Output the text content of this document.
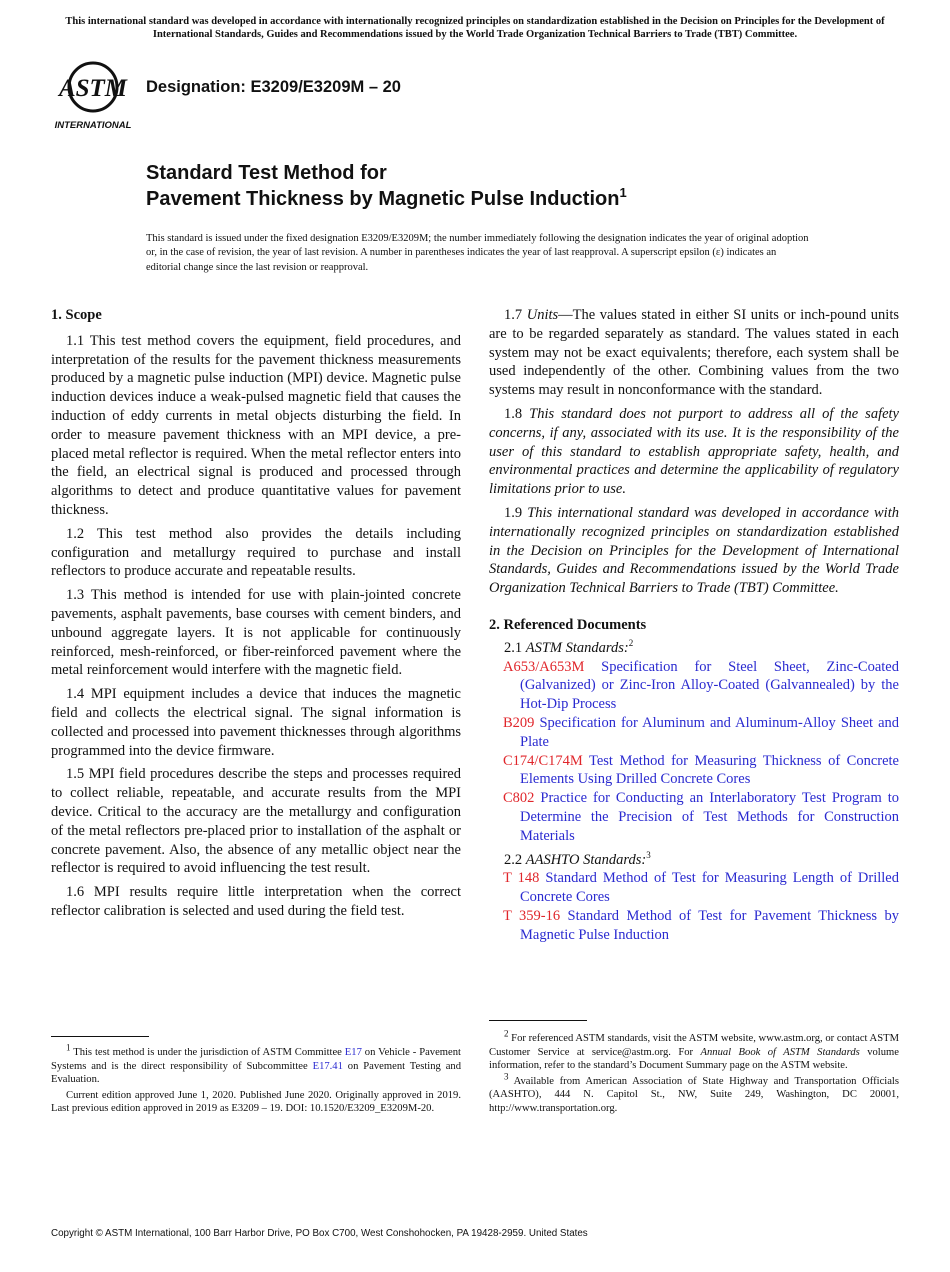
This international standard was developed in accordance with internationally recognized principles on standardization established in the Decision on Principles for the Development of International Standards, Guides and Recommendations issued by the World Trade Organization Technical Barriers to Trade (TBT) Committee.
ASTM
INTERNATIONAL
Designation: E3209/E3209M – 20
Standard Test Method for
Pavement Thickness by Magnetic Pulse Induction$^1$
This standard is issued under the fixed designation E3209/E3209M; the number immediately following the designation indicates the year of original adoption or, in the case of revision, the year of last revision. A number in parentheses indicates the year of last reapproval. A superscript epsilon (ε) indicates an editorial change since the last revision or reapproval.

1. Scope

1.1 This test method covers the equipment, field procedures, and interpretation of the results for the pavement thickness measurements produced by a magnetic pulse induction (MPI) device. Magnetic pulse induction devices induce a weak-pulsed magnetic field that causes the induction of eddy currents in metal objects disturbing the field. In order to measure pavement thickness with an MPI device, a pre-placed metal reflector is required. When the metal reflector enters into the field, an electrical signal is produced and processed through algorithms to detect and produce quantitative values for pavement thickness.

1.2 This test method also provides the details including configuration and metallurgy required to purchase and install reflectors to produce accurate and repeatable results.

1.3 This method is intended for use with plain-jointed concrete pavements, asphalt pavements, base courses with cement binders, and unbound aggregate layers. It is not applicable for continuously reinforced, mesh-reinforced, or fiber-reinforced pavement where the metal reinforcement would interfere with the magnetic field.

1.4 MPI equipment includes a device that induces the magnetic field and collects the electrical signal. The signal information is collected and processed into pavement thicknesses through algorithms programmed into the device firmware.

1.5 MPI field procedures describe the steps and processes required to collect reliable, repeatable, and accurate results from the MPI device. Critical to the accuracy are the metallurgy and configuration of the metal reflectors pre-placed prior to installation of the asphalt or concrete pavement. Also, the absence of any metallic object near the reflector is required to avoid influencing the test result.

1.6 MPI results require little interpretation when the correct reflector calibration is selected and used during the field test.

1.7 Units—The values stated in either SI units or inch-pound units are to be regarded separately as standard. The values stated in each system may not be exact equivalents; therefore, each system shall be used independently of the other. Combining values from the two systems may result in nonconformance with the standard.

1.8 This standard does not purport to address all of the safety concerns, if any, associated with its use. It is the responsibility of the user of this standard to establish appropriate safety, health, and environmental practices and determine the applicability of regulatory limitations prior to use.

1.9 This international standard was developed in accordance with internationally recognized principles on standardization established in the Decision on Principles for the Development of International Standards, Guides and Recommendations issued by the World Trade Organization Technical Barriers to Trade (TBT) Committee.

2. Referenced Documents

2.1 ASTM Standards:$^2$

A653/A653M Specification for Steel Sheet, Zinc-Coated (Galvanized) or Zinc-Iron Alloy-Coated (Galvannealed) by the Hot-Dip Process

B209 Specification for Aluminum and Aluminum-Alloy Sheet and Plate

C174/C174M Test Method for Measuring Thickness of Concrete Elements Using Drilled Concrete Cores

C802 Practice for Conducting an Interlaboratory Test Program to Determine the Precision of Test Methods for Construction Materials

2.2 AASHTO Standards:$^3$

T 148 Standard Method of Test for Measuring Length of Drilled Concrete Cores

T 359-16 Standard Method of Test for Pavement Thickness by Magnetic Pulse Induction

$^1$ This test method is under the jurisdiction of ASTM Committee E17 on Vehicle - Pavement Systems and is the direct responsibility of Subcommittee E17.41 on Pavement Testing and Evaluation.

Current edition approved June 1, 2020. Published June 2020. Originally approved in 2019. Last previous edition approved in 2019 as E3209 – 19. DOI: 10.1520/E3209_E3209M-20.

$^2$ For referenced ASTM standards, visit the ASTM website, www.astm.org, or contact ASTM Customer Service at service@astm.org. For Annual Book of ASTM Standards volume information, refer to the standard’s Document Summary page on the ASTM website.

$^3$ Available from American Association of State Highway and Transportation Officials (AASHTO), 444 N. Capitol St., NW, Suite 249, Washington, DC 20001, http://www.transportation.org.

Copyright © ASTM International, 100 Barr Harbor Drive, PO Box C700, West Conshohocken, PA 19428-2959. United States
